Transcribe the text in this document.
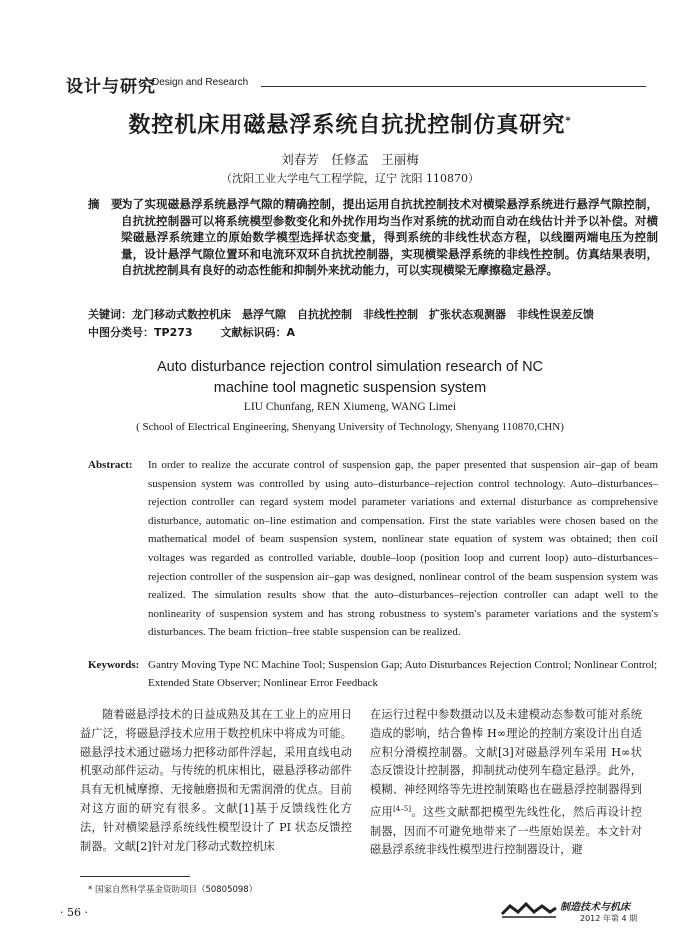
设计与研究
Design and Research
数控机床用磁悬浮系统自抗扰控制仿真研究*
刘春芳　任修孟　王丽梅
（沈阳工业大学电气工程学院，辽宁 沈阳 110870）
摘　要：
为了实现磁悬浮系统悬浮气隙的精确控制，提出运用自抗扰控制技术对横梁悬浮系统进行悬浮气隙控制，自抗扰控制器可以将系统模型参数变化和外扰作用均当作对系统的扰动而自动在线估计并予以补偿。对横梁磁悬浮系统建立的原始数学模型选择状态变量，得到系统的非线性状态方程，以线圈两端电压为控制量，设计悬浮气隙位置环和电流环双环自抗扰控制器，实现横梁悬浮系统的非线性控制。仿真结果表明，自抗扰控制具有良好的动态性能和抑制外来扰动能力，可以实现横梁无摩擦稳定悬浮。
关键词：龙门移动式数控机床　悬浮气隙　自抗扰控制　非线性控制　扩张状态观测器　非线性误差反馈
中图分类号：TP273	文献标识码：A
Auto disturbance rejection control simulation research of NC
machine tool magnetic suspension system
LIU Chunfang, REN Xiumeng, WANG Limei
( School of Electrical Engineering, Shenyang University of Technology, Shenyang 110870,CHN)
Abstract: In order to realize the accurate control of suspension gap, the paper presented that suspension air–gap of beam suspension system was controlled by using auto–disturbance–rejection control technology. Auto–disturbances–rejection controller can regard system model parameter variations and external disturbance as comprehensive disturbance, automatic on–line estimation and compensation. First the state variables were chosen based on the mathematical model of beam suspension system, nonlinear state equation of system was obtained; then coil voltages was regarded as controlled variable, double–loop (position loop and current loop) auto–disturbances–rejection controller of the suspension air–gap was designed, nonlinear control of the beam suspension system was realized. The simulation results show that the auto–disturbances–rejection controller can adapt well to the nonlinearity of suspension system and has strong robustness to system′s parameter variations and the system′s disturbances. The beam friction–free stable suspension can be realized.
Keywords: Gantry Moving Type NC Machine Tool; Suspension Gap; Auto Disturbances Rejection Control; Nonlinear Control; Extended State Observer; Nonlinear Error Feedback
随着磁悬浮技术的日益成熟及其在工业上的应用日益广泛，将磁悬浮技术应用于数控机床中将成为可能。磁悬浮技术通过磁场力把移动部件浮起，采用直线电动机驱动部件运动。与传统的机床相比，磁悬浮移动部件具有无机械摩擦、无接触磨损和无需润滑的优点。目前对这方面的研究有很多。文献[1]基于反馈线性化方法，针对横梁悬浮系统线性模型设计了 PI 状态反馈控制器。文献[2]针对龙门移动式数控机床
在运行过程中参数摄动以及未建模动态参数可能对系统造成的影响，结合鲁棒 H∞理论的控制方案设计出自适应积分滑模控制器。文献[3]对磁悬浮列车采用 H∞状态反馈设计控制器，抑制扰动使列车稳定悬浮。此外，模糊、神经网络等先进控制策略也在磁悬浮控制器得到应用[4–5]。这些文献都把模型先线性化，然后再设计控制器，因而不可避免地带来了一些原始误差。本文针对磁悬浮系统非线性模型进行控制器设计，避
* 国家自然科学基金资助项目（50805098）
· 56 ·	制造技术与机床
2012 年第 4 期
